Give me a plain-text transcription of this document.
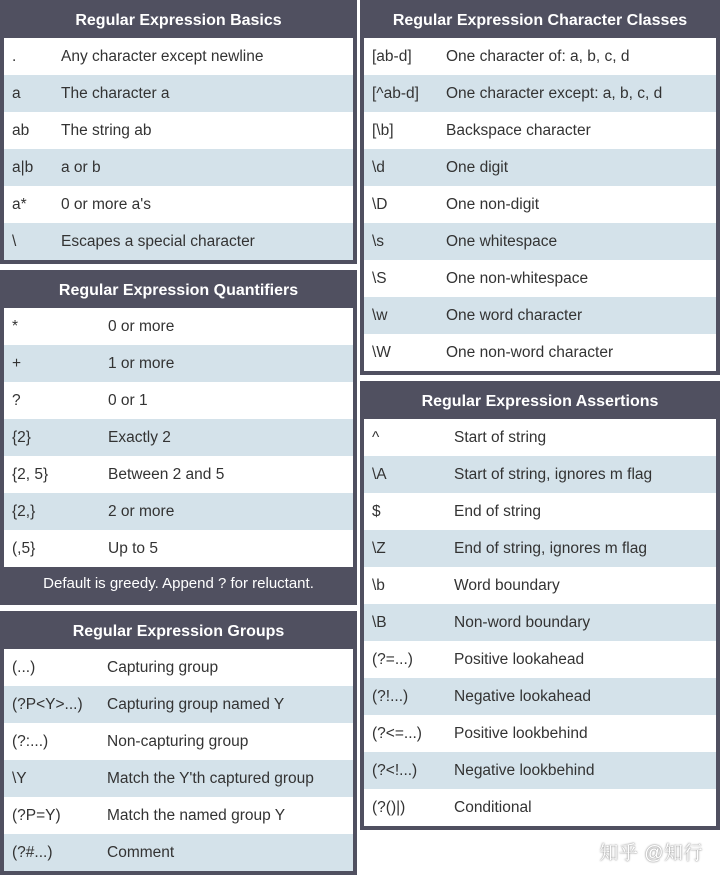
Regular Expression Basics
.	Any character except newline
a	The character a
ab	The string ab
a|b	a or b
a*	0 or more a's
\	Escapes a special character
Regular Expression Quantifiers
*	0 or more
+	1 or more
?	0 or 1
{2}	Exactly 2
{2, 5}	Between 2 and 5
{2,}	2 or more
(,5}	Up to 5
Default is greedy. Append ? for reluctant.
Regular Expression Groups
(...)	Capturing group
(?P<Y>...)	Capturing group named Y
(?:...)	Non-capturing group
\Y	Match the Y'th captured group
(?P=Y)	Match the named group Y
(?#...)	Comment
Regular Expression Character Classes
[ab-d]	One character of: a, b, c, d
[^ab-d]	One character except: a, b, c, d
[\b]	Backspace character
\d	One digit
\D	One non-digit
\s	One whitespace
\S	One non-whitespace
\w	One word character
\W	One non-word character
Regular Expression Assertions
^	Start of string
\A	Start of string, ignores m flag
$	End of string
\Z	End of string, ignores m flag
\b	Word boundary
\B	Non-word boundary
(?=...)	Positive lookahead
(?!...)	Negative lookahead
(?<=...)	Positive lookbehind
(?<!...)	Negative lookbehind
(?()|)	Conditional
知乎 @知行
